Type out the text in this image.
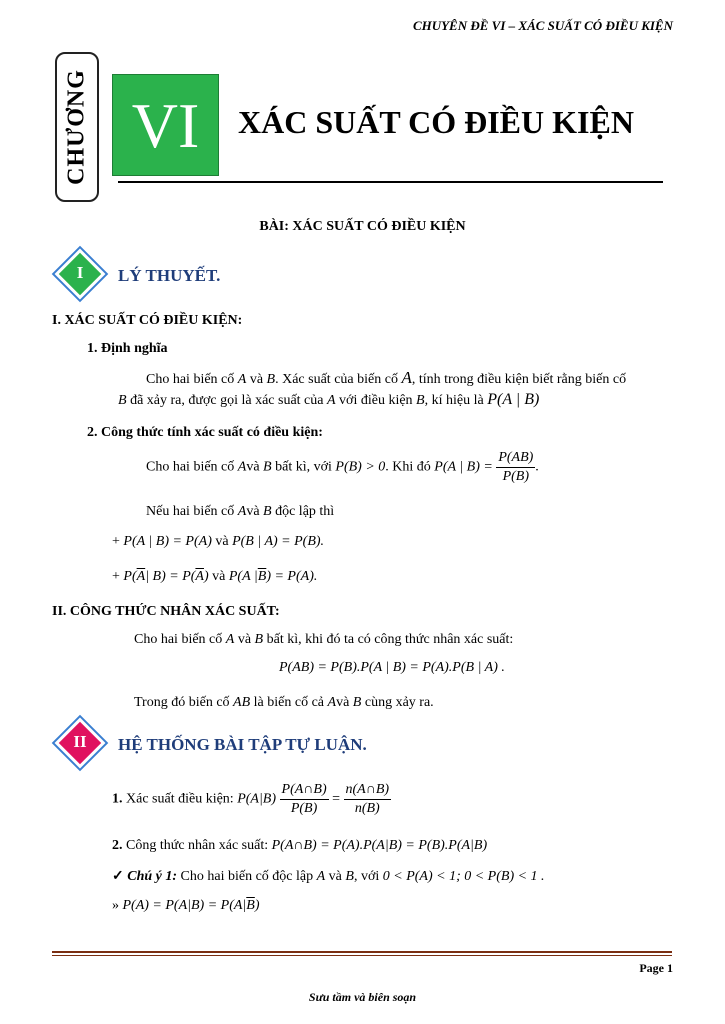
CHUYÊN ĐỀ VI – XÁC SUẤT CÓ ĐIỀU KIỆN
CHƯƠNG VI	XÁC SUẤT CÓ ĐIỀU KIỆN
BÀI: XÁC SUẤT CÓ ĐIỀU KIỆN
I	LÝ THUYẾT.
I. XÁC SUẤT CÓ ĐIỀU KIỆN:
1. Định nghĩa
Cho hai biến cố A và B. Xác suất của biến cố A, tính trong điều kiện biết rằng biến cố
B đã xảy ra, được gọi là xác suất của A với điều kiện B, kí hiệu là P(A | B)
2. Công thức tính xác suất có điều kiện:
Cho hai biến cố Avà B bất kì, với P(B) > 0. Khi đó P(A | $B) = \frac{P(AB)}{P(B)}$ .
Nếu hai biến cố Avà B độc lập thì
+ P(A | B) = P(A) và P(B | A) = P(B).
+ $P(\overline{A}|$ $B) = P(\overline{A})$ và P(A $|\overline{B}) = P(A)$.
II. CÔNG THỨC NHÂN XÁC SUẤT:
Cho hai biến cố A và B bất kì, khi đó ta có công thức nhân xác suất:
P(AB) = P(B).P(A | B) = P(A).P(B | A) .
Trong đó biến cố AB là biến cố cả Avà B cùng xảy ra.
II	HỆ THỐNG BÀI TẬP TỰ LUẬN.
1. Xác suất điều kiện: $P(A|B) \frac{P(A\cap B)}{P(B)} = \frac{n(A\cap B)}{n(B)}$
2. Công thức nhân xác suất: P(A∩B) = P(A).P(A|B) = P(B).P(A|B)
✓ Chú ý 1: Cho hai biến cố độc lập A và B, với 0 < P(A) < 1; 0 < P(B) < 1 .
» $P(A) = P(A|B) = P(A|\overline{B})$
Page 1
Sưu tầm và biên soạn
